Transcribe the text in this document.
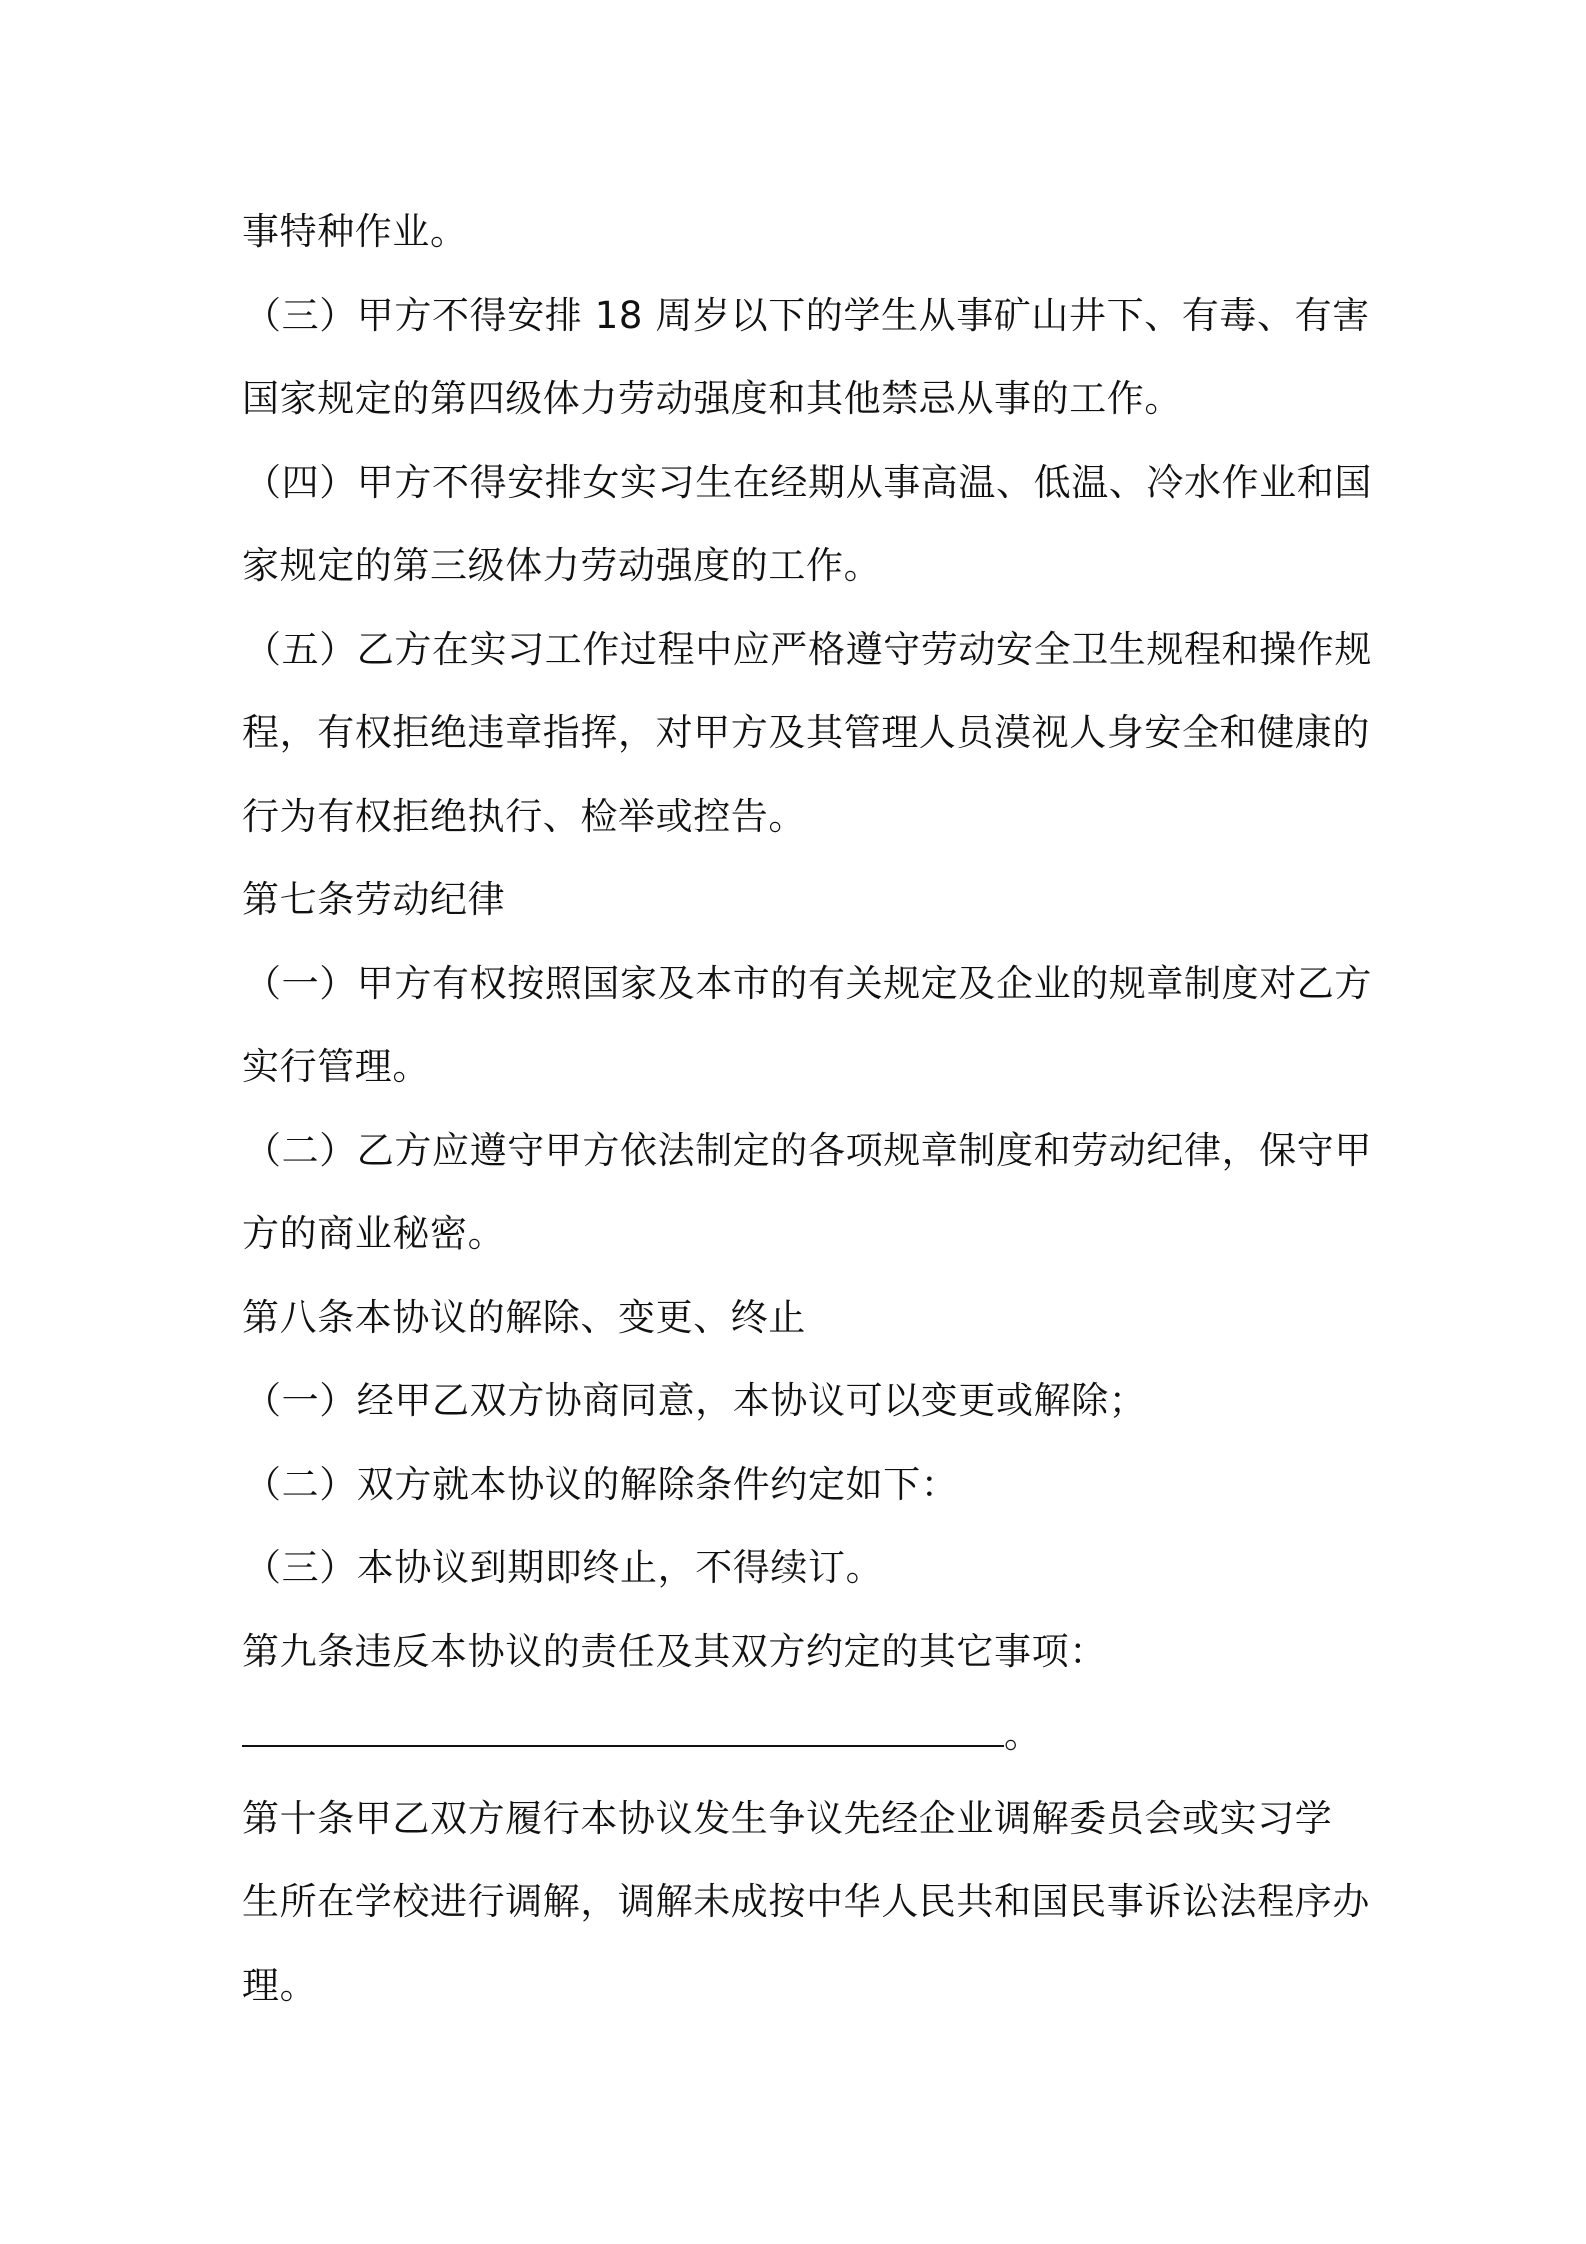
事特种作业。
（三）甲方不得安排 18 周岁以下的学生从事矿山井下、有毒、有害
国家规定的第四级体力劳动强度和其他禁忌从事的工作。
（四）甲方不得安排女实习生在经期从事高温、低温、冷水作业和国
家规定的第三级体力劳动强度的工作。
（五）乙方在实习工作过程中应严格遵守劳动安全卫生规程和操作规
程，有权拒绝违章指挥，对甲方及其管理人员漠视人身安全和健康的
行为有权拒绝执行、检举或控告。
第七条劳动纪律
（一）甲方有权按照国家及本市的有关规定及企业的规章制度对乙方
实行管理。
（二）乙方应遵守甲方依法制定的各项规章制度和劳动纪律，保守甲
方的商业秘密。
第八条本协议的解除、变更、终止
（一）经甲乙双方协商同意，本协议可以变更或解除；
（二）双方就本协议的解除条件约定如下：
（三）本协议到期即终止，不得续订。
第九条违反本协议的责任及其双方约定的其它事项：
。
第十条甲乙双方履行本协议发生争议先经企业调解委员会或实习学
生所在学校进行调解，调解未成按中华人民共和国民事诉讼法程序办
理。
